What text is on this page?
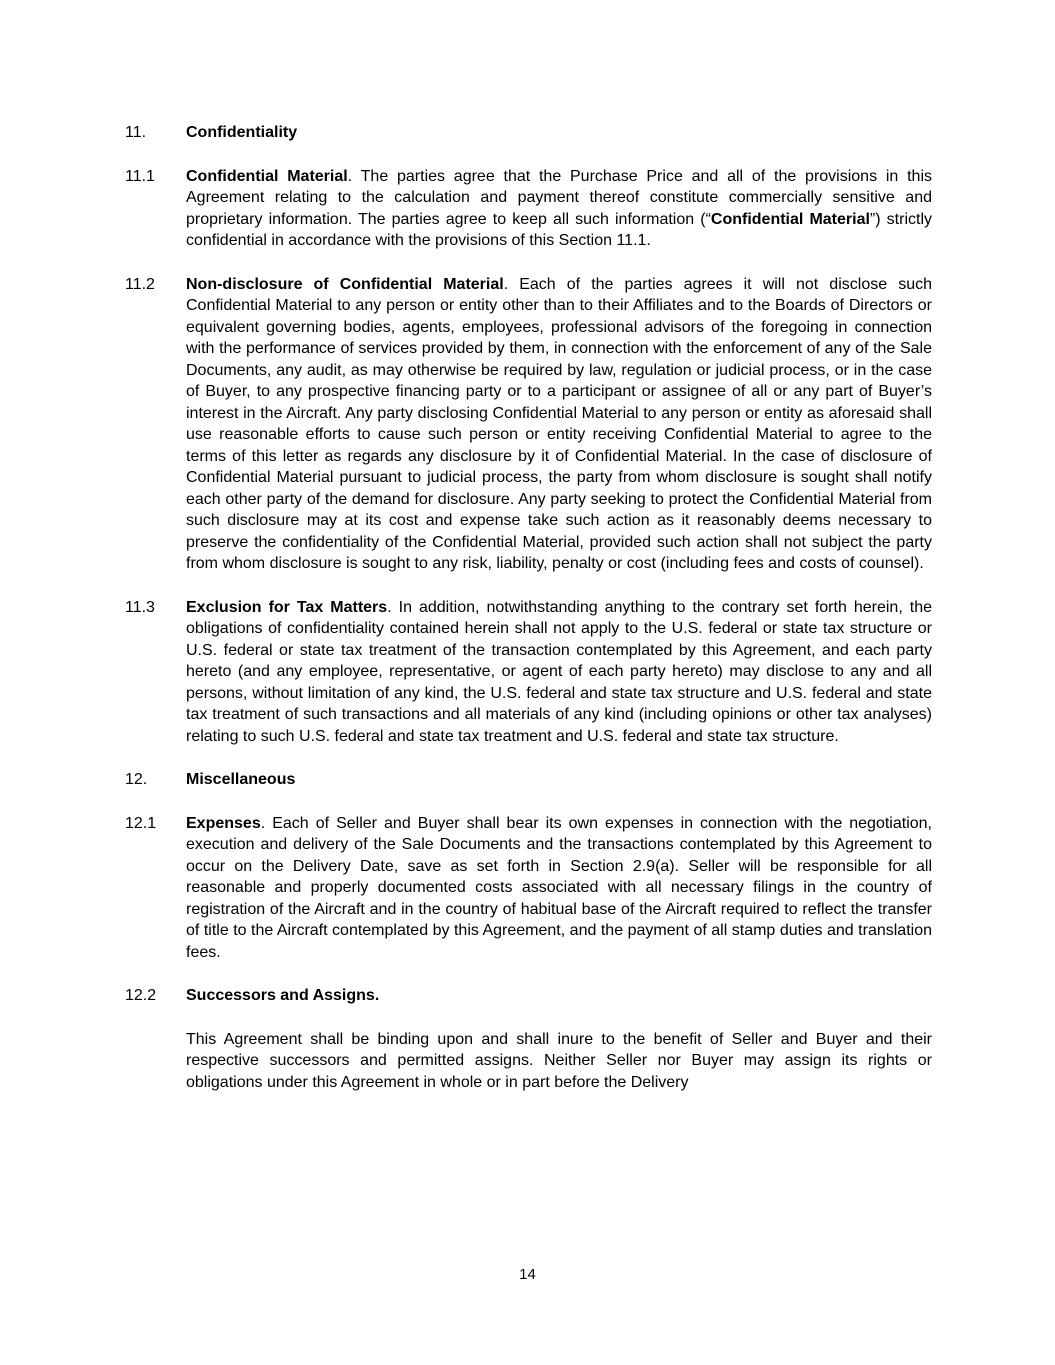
11. Confidentiality
11.1 Confidential Material. The parties agree that the Purchase Price and all of the provisions in this Agreement relating to the calculation and payment thereof constitute commercially sensitive and proprietary information. The parties agree to keep all such information (“Confidential Material”) strictly confidential in accordance with the provisions of this Section 11.1.
11.2 Non-disclosure of Confidential Material. Each of the parties agrees it will not disclose such Confidential Material to any person or entity other than to their Affiliates and to the Boards of Directors or equivalent governing bodies, agents, employees, professional advisors of the foregoing in connection with the performance of services provided by them, in connection with the enforcement of any of the Sale Documents, any audit, as may otherwise be required by law, regulation or judicial process, or in the case of Buyer, to any prospective financing party or to a participant or assignee of all or any part of Buyer’s interest in the Aircraft. Any party disclosing Confidential Material to any person or entity as aforesaid shall use reasonable efforts to cause such person or entity receiving Confidential Material to agree to the terms of this letter as regards any disclosure by it of Confidential Material. In the case of disclosure of Confidential Material pursuant to judicial process, the party from whom disclosure is sought shall notify each other party of the demand for disclosure. Any party seeking to protect the Confidential Material from such disclosure may at its cost and expense take such action as it reasonably deems necessary to preserve the confidentiality of the Confidential Material, provided such action shall not subject the party from whom disclosure is sought to any risk, liability, penalty or cost (including fees and costs of counsel).
11.3 Exclusion for Tax Matters. In addition, notwithstanding anything to the contrary set forth herein, the obligations of confidentiality contained herein shall not apply to the U.S. federal or state tax structure or U.S. federal or state tax treatment of the transaction contemplated by this Agreement, and each party hereto (and any employee, representative, or agent of each party hereto) may disclose to any and all persons, without limitation of any kind, the U.S. federal and state tax structure and U.S. federal and state tax treatment of such transactions and all materials of any kind (including opinions or other tax analyses) relating to such U.S. federal and state tax treatment and U.S. federal and state tax structure.
12. Miscellaneous
12.1 Expenses. Each of Seller and Buyer shall bear its own expenses in connection with the negotiation, execution and delivery of the Sale Documents and the transactions contemplated by this Agreement to occur on the Delivery Date, save as set forth in Section 2.9(a). Seller will be responsible for all reasonable and properly documented costs associated with all necessary filings in the country of registration of the Aircraft and in the country of habitual base of the Aircraft required to reflect the transfer of title to the Aircraft contemplated by this Agreement, and the payment of all stamp duties and translation fees.
12.2 Successors and Assigns.
This Agreement shall be binding upon and shall inure to the benefit of Seller and Buyer and their respective successors and permitted assigns. Neither Seller nor Buyer may assign its rights or obligations under this Agreement in whole or in part before the Delivery
14
